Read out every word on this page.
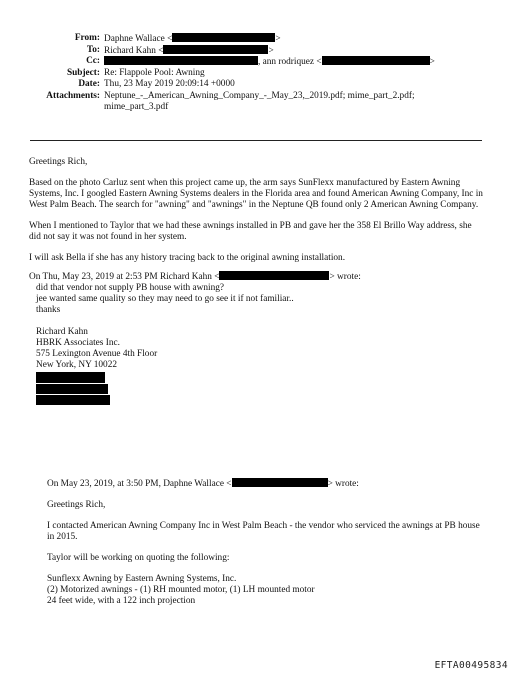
From: Daphne Wallace <	>
To: Richard Kahn <	>
Cc:	, ann rodriquez <	>
Subject: Re: Flappole Pool: Awning
Date: Thu, 23 May 2019 20:09:14 +0000
Attachments: Neptune_-_American_Awning_Company_-_May_23,_2019.pdf; mime_part_2.pdf;
mime_part_3.pdf

Greetings Rich,

Based on the photo Carluz sent when this project came up, the arm says SunFlexx manufactured by Eastern Awning Systems, Inc. I googled Eastern Awning Systems dealers in the Florida area and found American Awning Company, Inc in West Palm Beach. The search for "awning" and "awnings" in the Neptune QB found only 2 American Awning Company.

When I mentioned to Taylor that we had these awnings installed in PB and gave her the 358 El Brillo Way address, she did not say it was not found in her system.

I will ask Bella if she has any history tracing back to the original awning installation.

On Thu, May 23, 2019 at 2:53 PM Richard Kahn <	> wrote:

did that vendor not supply PB house with awning?

jee wanted same quality so they may need to go see it if not familiar..

thanks

Richard Kahn

HBRK Associates Inc.

575 Lexington Avenue 4th Floor

New York, NY 10022

On May 23, 2019, at 3:50 PM, Daphne Wallace <	> wrote:

Greetings Rich,

I contacted American Awning Company Inc in West Palm Beach - the vendor who serviced the awnings at PB house in 2015.

Taylor will be working on quoting the following:

Sunflexx Awning by Eastern Awning Systems, Inc.

(2) Motorized awnings - (1) RH mounted motor, (1) LH mounted motor

24 feet wide, with a 122 inch projection

EFTA00495834
